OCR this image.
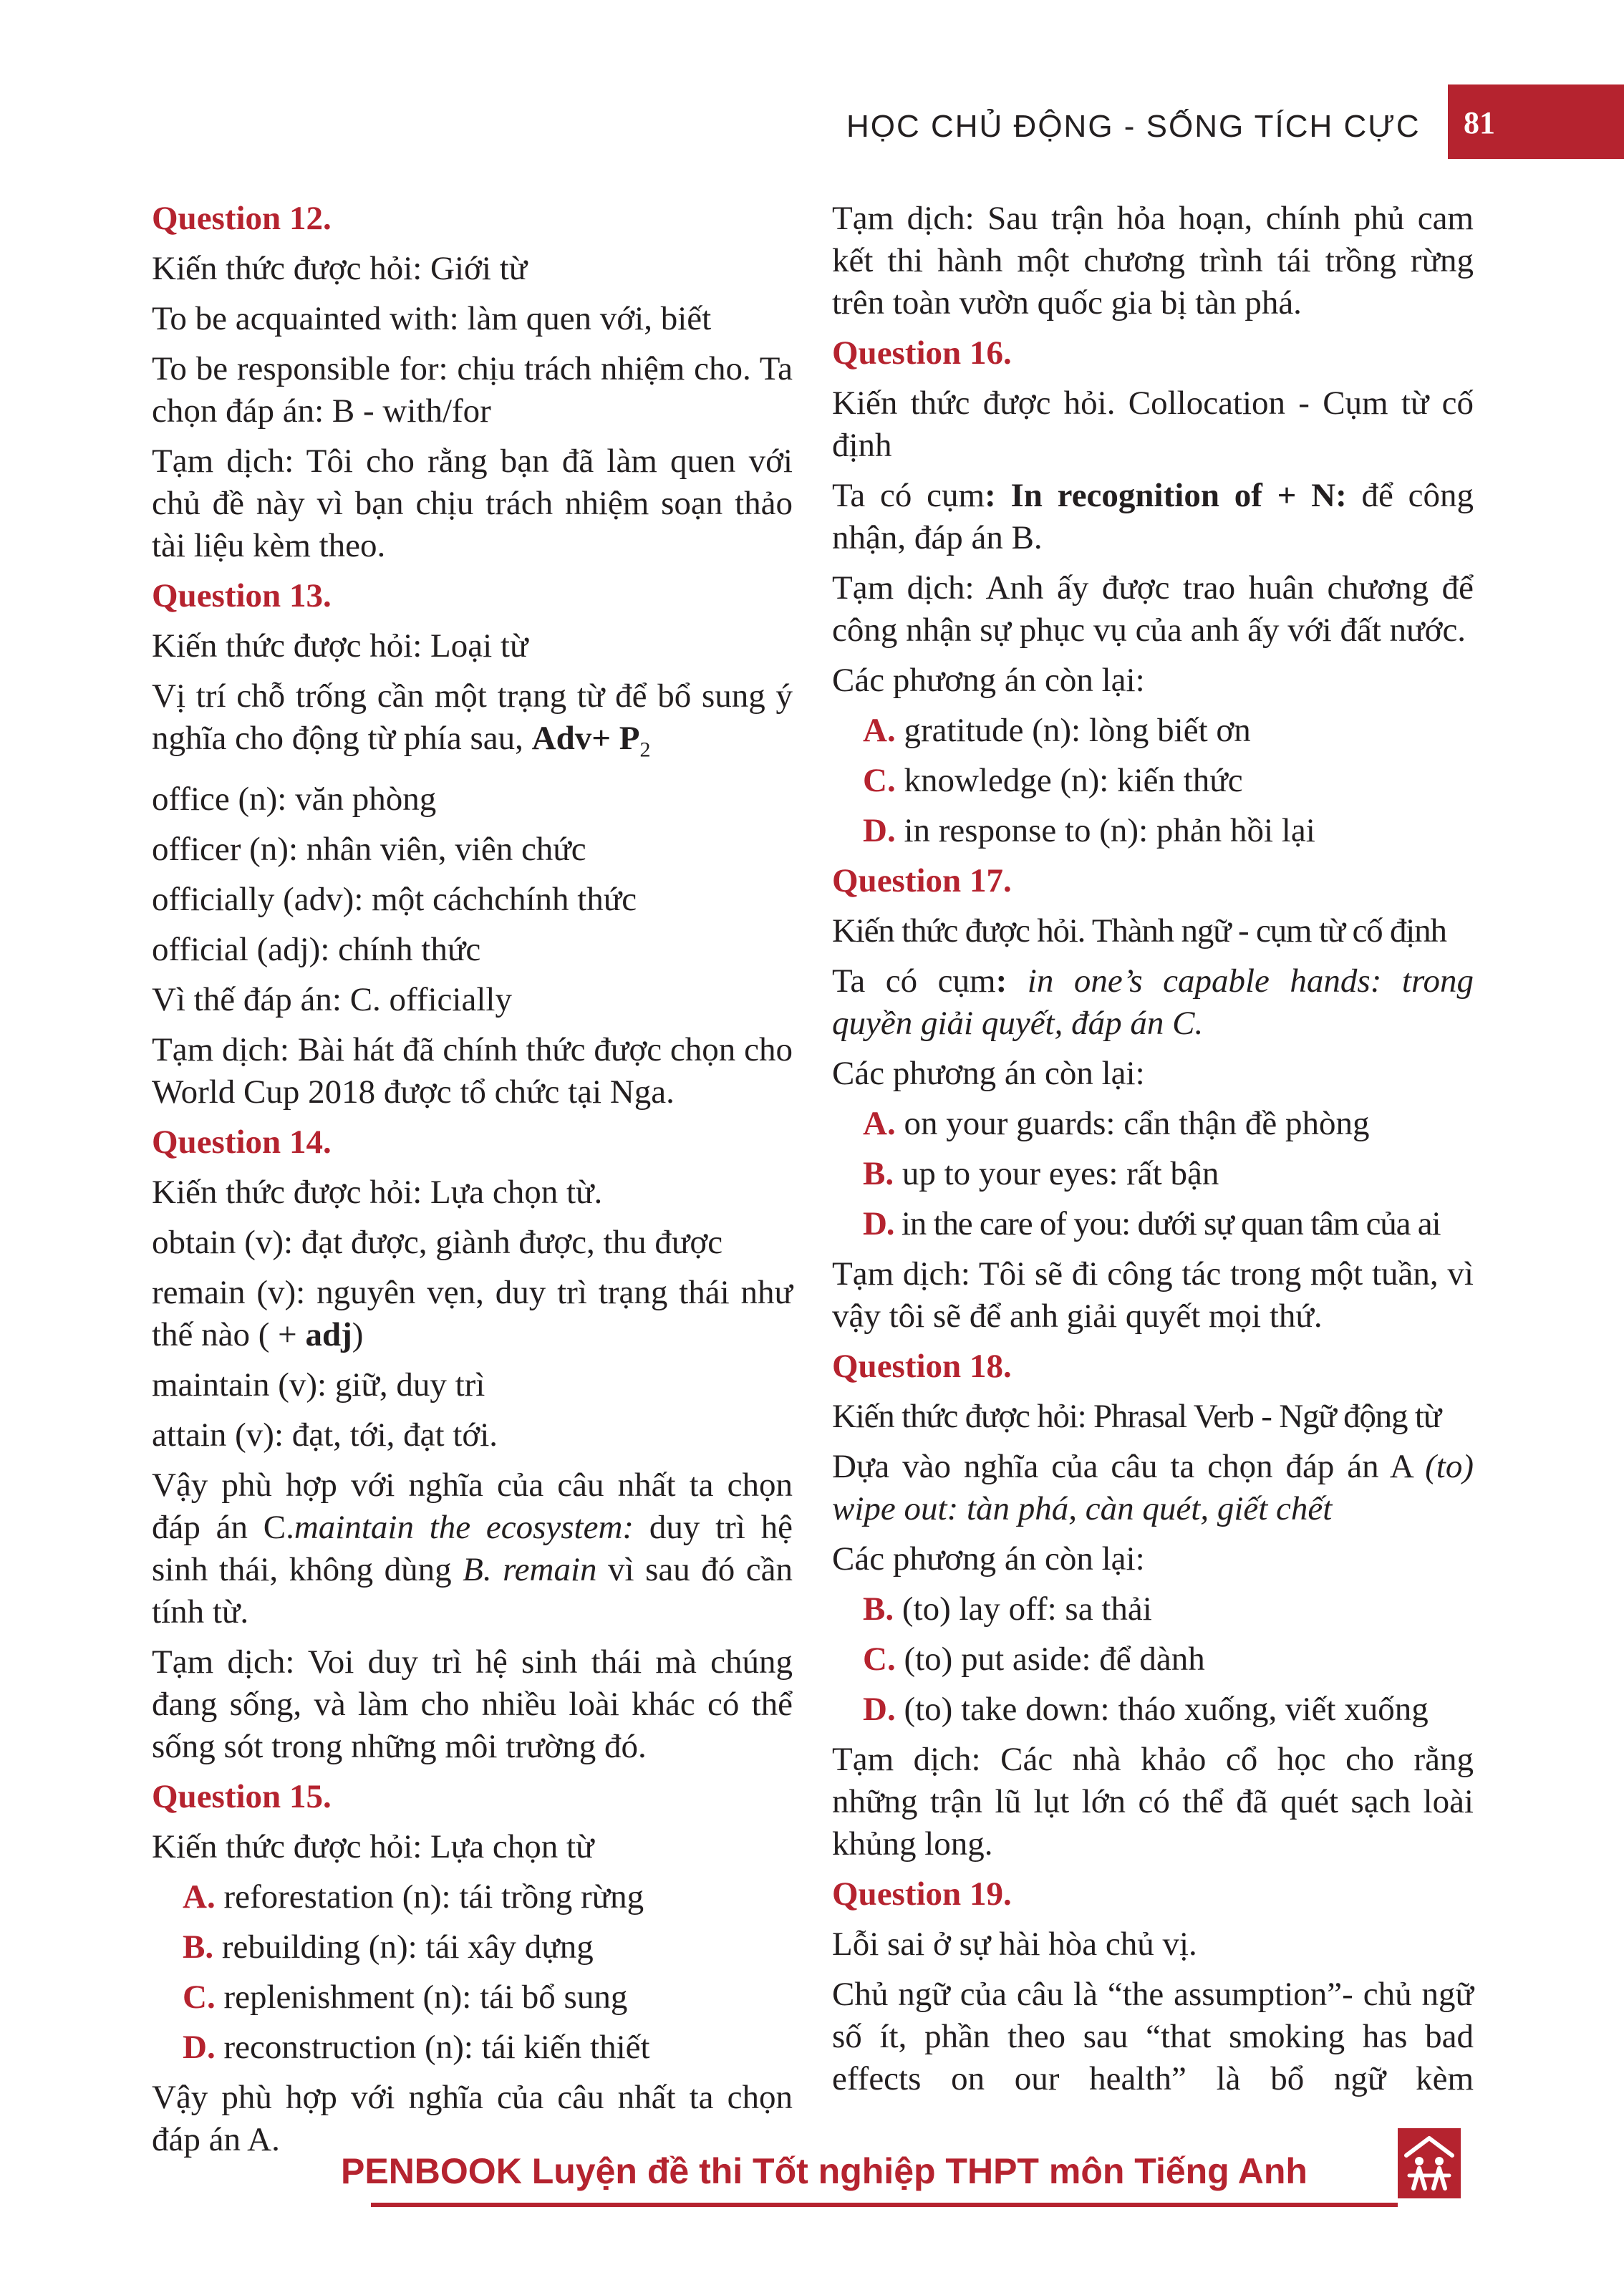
HỌC CHỦ ĐỘNG - SỐNG TÍCH CỰC 81
Question 12.

Kiến thức được hỏi: Giới từ

To be acquainted with: làm quen với, biết

To be responsible for: chịu trách nhiệm cho. Ta chọn đáp án: B - with/for

Tạm dịch: Tôi cho rằng bạn đã làm quen với chủ đề này vì bạn chịu trách nhiệm soạn thảo tài liệu kèm theo.

Question 13.

Kiến thức được hỏi: Loại từ

Vị trí chỗ trống cần một trạng từ để bổ sung ý nghĩa cho động từ phía sau, $Adv+ P_2$

office (n): văn phòng

officer (n): nhân viên, viên chức

officially (adv): một cáchchính thức

official (adj): chính thức

Vì thế đáp án: C. officially

Tạm dịch: Bài hát đã chính thức được chọn cho World Cup 2018 được tổ chức tại Nga.

Question 14.

Kiến thức được hỏi: Lựa chọn từ.

obtain (v): đạt được, giành được, thu được

remain (v): nguyên vẹn, duy trì trạng thái như thế nào ( + adj)

maintain (v): giữ, duy trì

attain (v): đạt, tới, đạt tới.

Vậy phù hợp với nghĩa của câu nhất ta chọn đáp án C.maintain the ecosystem: duy trì hệ sinh thái, không dùng B. remain vì sau đó cần tính từ.

Tạm dịch: Voi duy trì hệ sinh thái mà chúng đang sống, và làm cho nhiều loài khác có thể sống sót trong những môi trường đó.

Question 15.

Kiến thức được hỏi: Lựa chọn từ

A. reforestation (n): tái trồng rừng
B. rebuilding (n): tái xây dựng
C. replenishment (n): tái bổ sung
D. reconstruction (n): tái kiến thiết

Vậy phù hợp với nghĩa của câu nhất ta chọn đáp án A.

Tạm dịch: Sau trận hỏa hoạn, chính phủ cam kết thi hành một chương trình tái trồng rừng trên toàn vườn quốc gia bị tàn phá.

Question 16.

Kiến thức được hỏi. Collocation - Cụm từ cố định

Ta có cụm: In recognition of + N: để công nhận, đáp án B.

Tạm dịch: Anh ấy được trao huân chương để công nhận sự phục vụ của anh ấy với đất nước.

Các phương án còn lại:

A. gratitude (n): lòng biết ơn
C. knowledge (n): kiến thức
D. in response to (n): phản hồi lại
Question 17.

Kiến thức được hỏi. Thành ngữ - cụm từ cố định

Ta có cụm: in one’s capable hands: trong quyền giải quyết, đáp án C.

Các phương án còn lại:

A. on your guards: cẩn thận đề phòng
B. up to your eyes: rất bận
D. in the care of you: dưới sự quan tâm của ai

Tạm dịch: Tôi sẽ đi công tác trong một tuần, vì vậy tôi sẽ để anh giải quyết mọi thứ.

Question 18.

Kiến thức được hỏi: Phrasal Verb - Ngữ động từ

Dựa vào nghĩa của câu ta chọn đáp án A (to) wipe out: tàn phá, càn quét, giết chết

Các phương án còn lại:

B. (to) lay off: sa thải
C. (to) put aside: để dành
D. (to) take down: tháo xuống, viết xuống

Tạm dịch: Các nhà khảo cổ học cho rằng những trận lũ lụt lớn có thể đã quét sạch loài khủng long.

Question 19.

Lỗi sai ở sự hài hòa chủ vị.

Chủ ngữ của câu là “the assumption”- chủ ngữ số ít, phần theo sau “that smoking has bad effects on our health” là bổ ngữ kèm

PENBOOK Luyện đề thi Tốt nghiệp THPT môn Tiếng Anh
